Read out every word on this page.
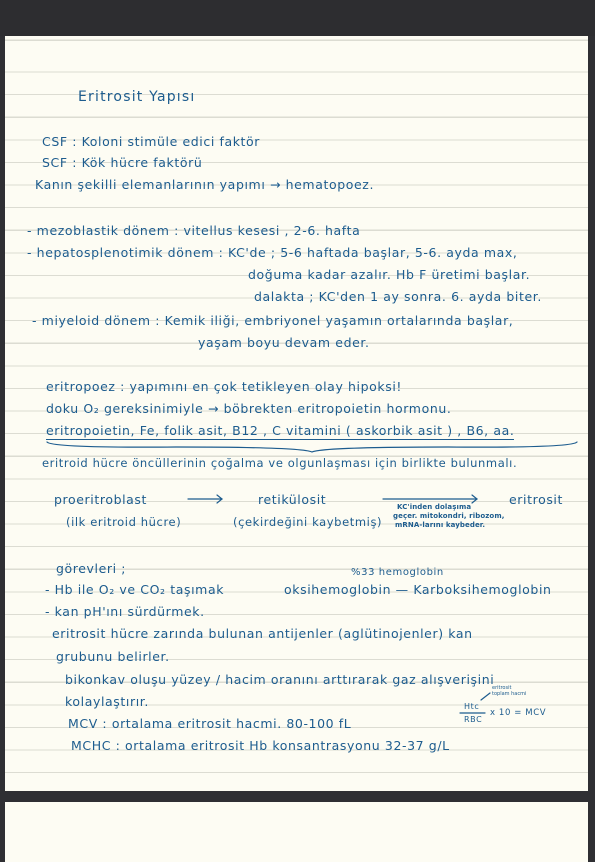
Eritrosit Yapısı
CSF : Koloni stimüle edici faktör
SCF : Kök hücre faktörü
Kanın şekilli elemanlarının yapımı → hematopoez.
- mezoblastik dönem : vitellus kesesi , 2-6. hafta
- hepatosplenotimik dönem : KC'de ; 5-6 haftada başlar, 5-6. ayda max,
doğuma kadar azalır. Hb F üretimi başlar.
dalakta ; KC'den 1 ay sonra. 6. ayda biter.
- miyeloid dönem : Kemik iliği, embriyonel yaşamın ortalarında başlar,
yaşam boyu devam eder.
eritropoez : yapımını en çok tetikleyen olay hipoksi!
doku O₂ gereksinimiyle → böbrekten eritropoietin hormonu.
eritropoietin, Fe, folik asit, B12 , C vitamini ( askorbik asit ) , B6, aa.
eritroid hücre öncüllerinin çoğalma ve olgunlaşması için birlikte bulunmalı.
proeritroblast	retikülosit	eritrosit
(ilk eritroid hücre)	(çekirdeğini kaybetmiş)
KC'inden dolaşıma
geçer. mitokondri, ribozom,
mRNA-larını kaybeder.
görevleri ;	%33 hemoglobin
- Hb ile O₂ ve CO₂ taşımak	oksihemoglobin — Karboksihemoglobin
- kan pH'ını sürdürmek.
eritrosit hücre zarında bulunan antijenler (aglütinojenler) kan
grubunu belirler.
bikonkav oluşu yüzey / hacim oranını arttırarak gaz alışverişini
kolaylaştırır.
MCV : ortalama eritrosit hacmi. 80-100 fL
MCHC : ortalama eritrosit Hb konsantrasyonu 32-37 g/L
eritrosit
toplam hacmi
Htc
RBC
x 10 = MCV
